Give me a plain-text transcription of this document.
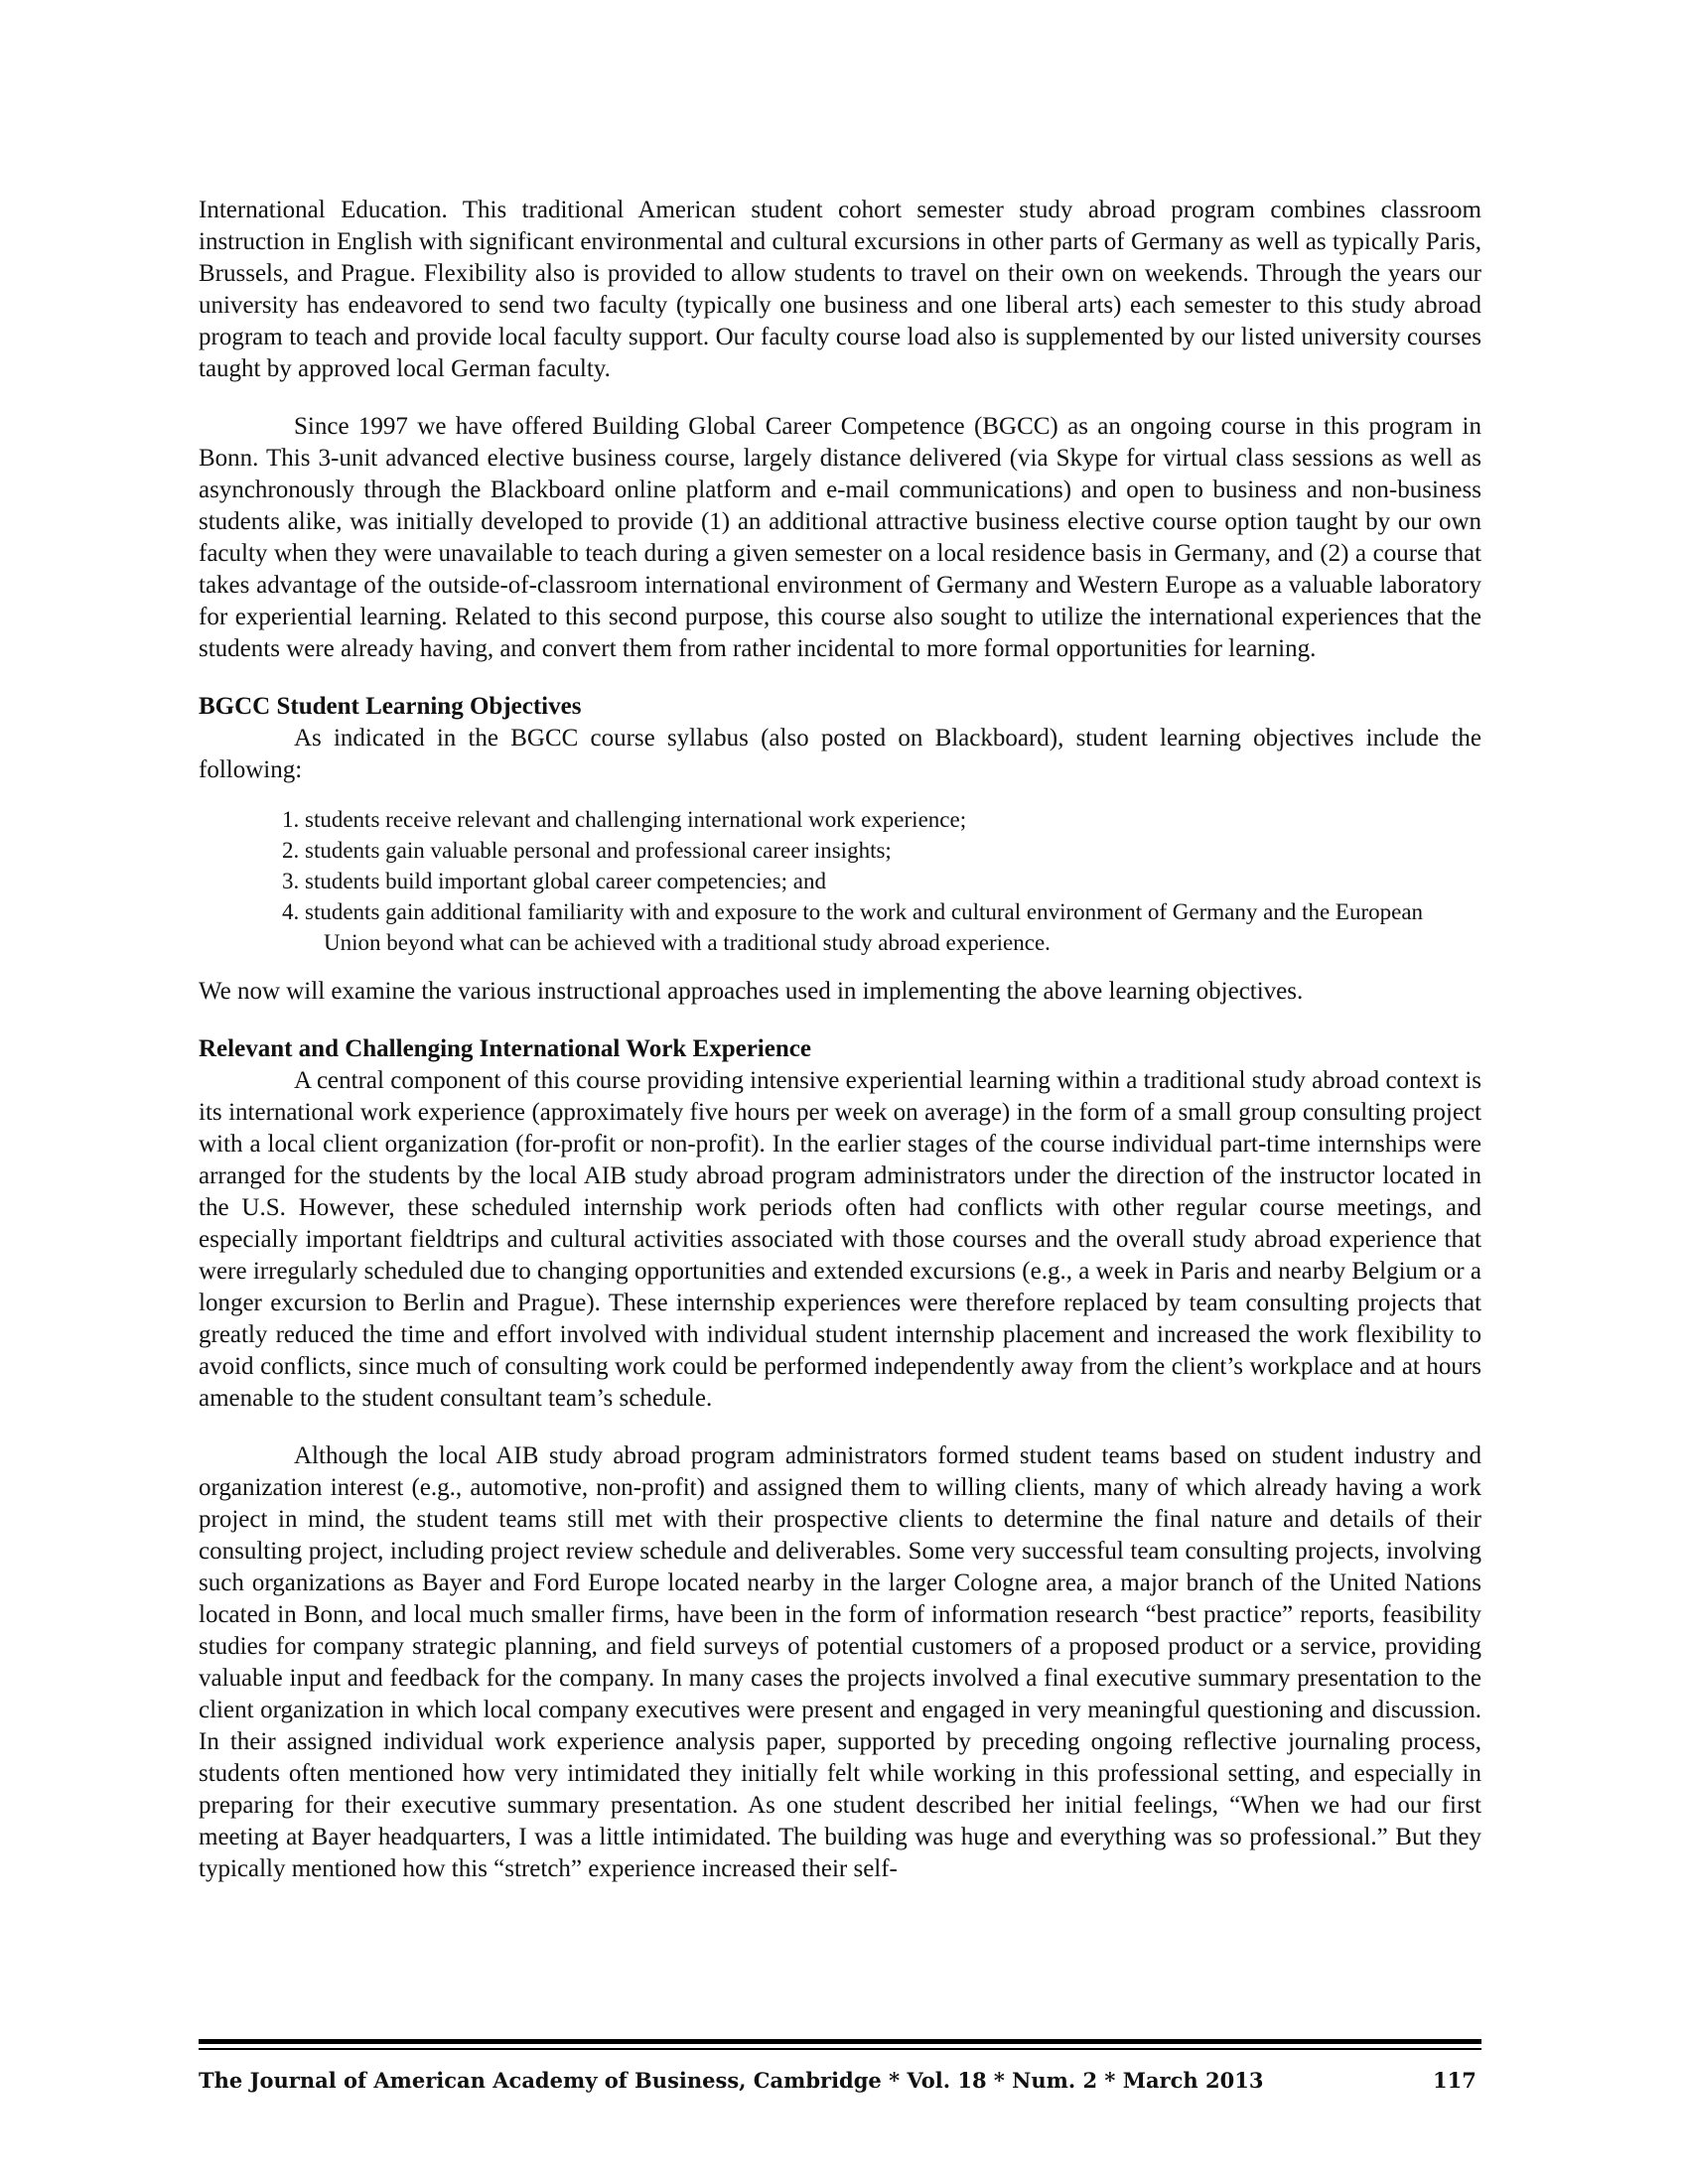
International Education. This traditional American student cohort semester study abroad program combines classroom instruction in English with significant environmental and cultural excursions in other parts of Germany as well as typically Paris, Brussels, and Prague. Flexibility also is provided to allow students to travel on their own on weekends. Through the years our university has endeavored to send two faculty (typically one business and one liberal arts) each semester to this study abroad program to teach and provide local faculty support. Our faculty course load also is supplemented by our listed university courses taught by approved local German faculty.

Since 1997 we have offered Building Global Career Competence (BGCC) as an ongoing course in this program in Bonn. This 3-unit advanced elective business course, largely distance delivered (via Skype for virtual class sessions as well as asynchronously through the Blackboard online platform and e-mail communications) and open to business and non-business students alike, was initially developed to provide (1) an additional attractive business elective course option taught by our own faculty when they were unavailable to teach during a given semester on a local residence basis in Germany, and (2) a course that takes advantage of the outside-of-classroom international environment of Germany and Western Europe as a valuable laboratory for experiential learning. Related to this second purpose, this course also sought to utilize the international experiences that the students were already having, and convert them from rather incidental to more formal opportunities for learning.

BGCC Student Learning Objectives

As indicated in the BGCC course syllabus (also posted on Blackboard), student learning objectives include the following:

1. students receive relevant and challenging international work experience;
2. students gain valuable personal and professional career insights;
3. students build important global career competencies; and
4. students gain additional familiarity with and exposure to the work and cultural environment of Germany and the European Union beyond what can be achieved with a traditional study abroad experience.

We now will examine the various instructional approaches used in implementing the above learning objectives.

Relevant and Challenging International Work Experience

A central component of this course providing intensive experiential learning within a traditional study abroad context is its international work experience (approximately five hours per week on average) in the form of a small group consulting project with a local client organization (for-profit or non-profit). In the earlier stages of the course individual part-time internships were arranged for the students by the local AIB study abroad program administrators under the direction of the instructor located in the U.S. However, these scheduled internship work periods often had conflicts with other regular course meetings, and especially important fieldtrips and cultural activities associated with those courses and the overall study abroad experience that were irregularly scheduled due to changing opportunities and extended excursions (e.g., a week in Paris and nearby Belgium or a longer excursion to Berlin and Prague). These internship experiences were therefore replaced by team consulting projects that greatly reduced the time and effort involved with individual student internship placement and increased the work flexibility to avoid conflicts, since much of consulting work could be performed independently away from the client’s workplace and at hours amenable to the student consultant team’s schedule.

Although the local AIB study abroad program administrators formed student teams based on student industry and organization interest (e.g., automotive, non-profit) and assigned them to willing clients, many of which already having a work project in mind, the student teams still met with their prospective clients to determine the final nature and details of their consulting project, including project review schedule and deliverables. Some very successful team consulting projects, involving such organizations as Bayer and Ford Europe located nearby in the larger Cologne area, a major branch of the United Nations located in Bonn, and local much smaller firms, have been in the form of information research “best practice” reports, feasibility studies for company strategic planning, and field surveys of potential customers of a proposed product or a service, providing valuable input and feedback for the company. In many cases the projects involved a final executive summary presentation to the client organization in which local company executives were present and engaged in very meaningful questioning and discussion. In their assigned individual work experience analysis paper, supported by preceding ongoing reflective journaling process, students often mentioned how very intimidated they initially felt while working in this professional setting, and especially in preparing for their executive summary presentation. As one student described her initial feelings, “When we had our first meeting at Bayer headquarters, I was a little intimidated. The building was huge and everything was so professional.” But they typically mentioned how this “stretch” experience increased their self-

The Journal of American Academy of Business, Cambridge * Vol. 18 * Num. 2 * March 2013	117
